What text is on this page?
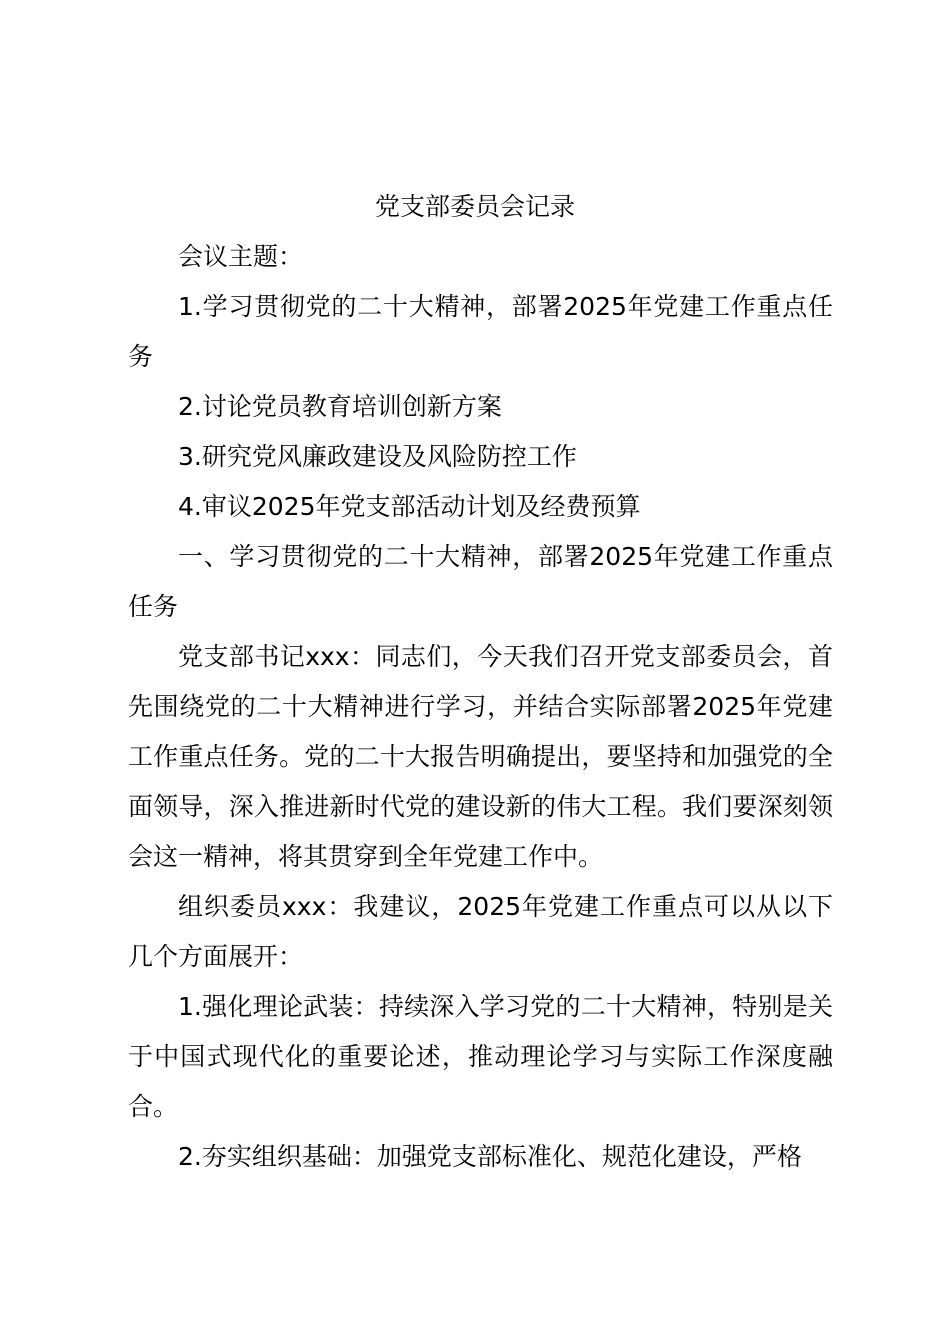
党支部委员会记录

会议主题：

1.学习贯彻党的二十大精神，部署2025年党建工作重点任务

2.讨论党员教育培训创新方案

3.研究党风廉政建设及风险防控工作

4.审议2025年党支部活动计划及经费预算

一、学习贯彻党的二十大精神，部署2025年党建工作重点任务

党支部书记xxx：同志们，今天我们召开党支部委员会，首先围绕党的二十大精神进行学习，并结合实际部署2025年党建工作重点任务。党的二十大报告明确提出，要坚持和加强党的全面领导，深入推进新时代党的建设新的伟大工程。我们要深刻领会这一精神，将其贯穿到全年党建工作中。

组织委员xxx：我建议，2025年党建工作重点可以从以下几个方面展开：

1.强化理论武装：持续深入学习党的二十大精神，特别是关于中国式现代化的重要论述，推动理论学习与实际工作深度融合。

2.夯实组织基础：加强党支部标准化、规范化建设，严格
